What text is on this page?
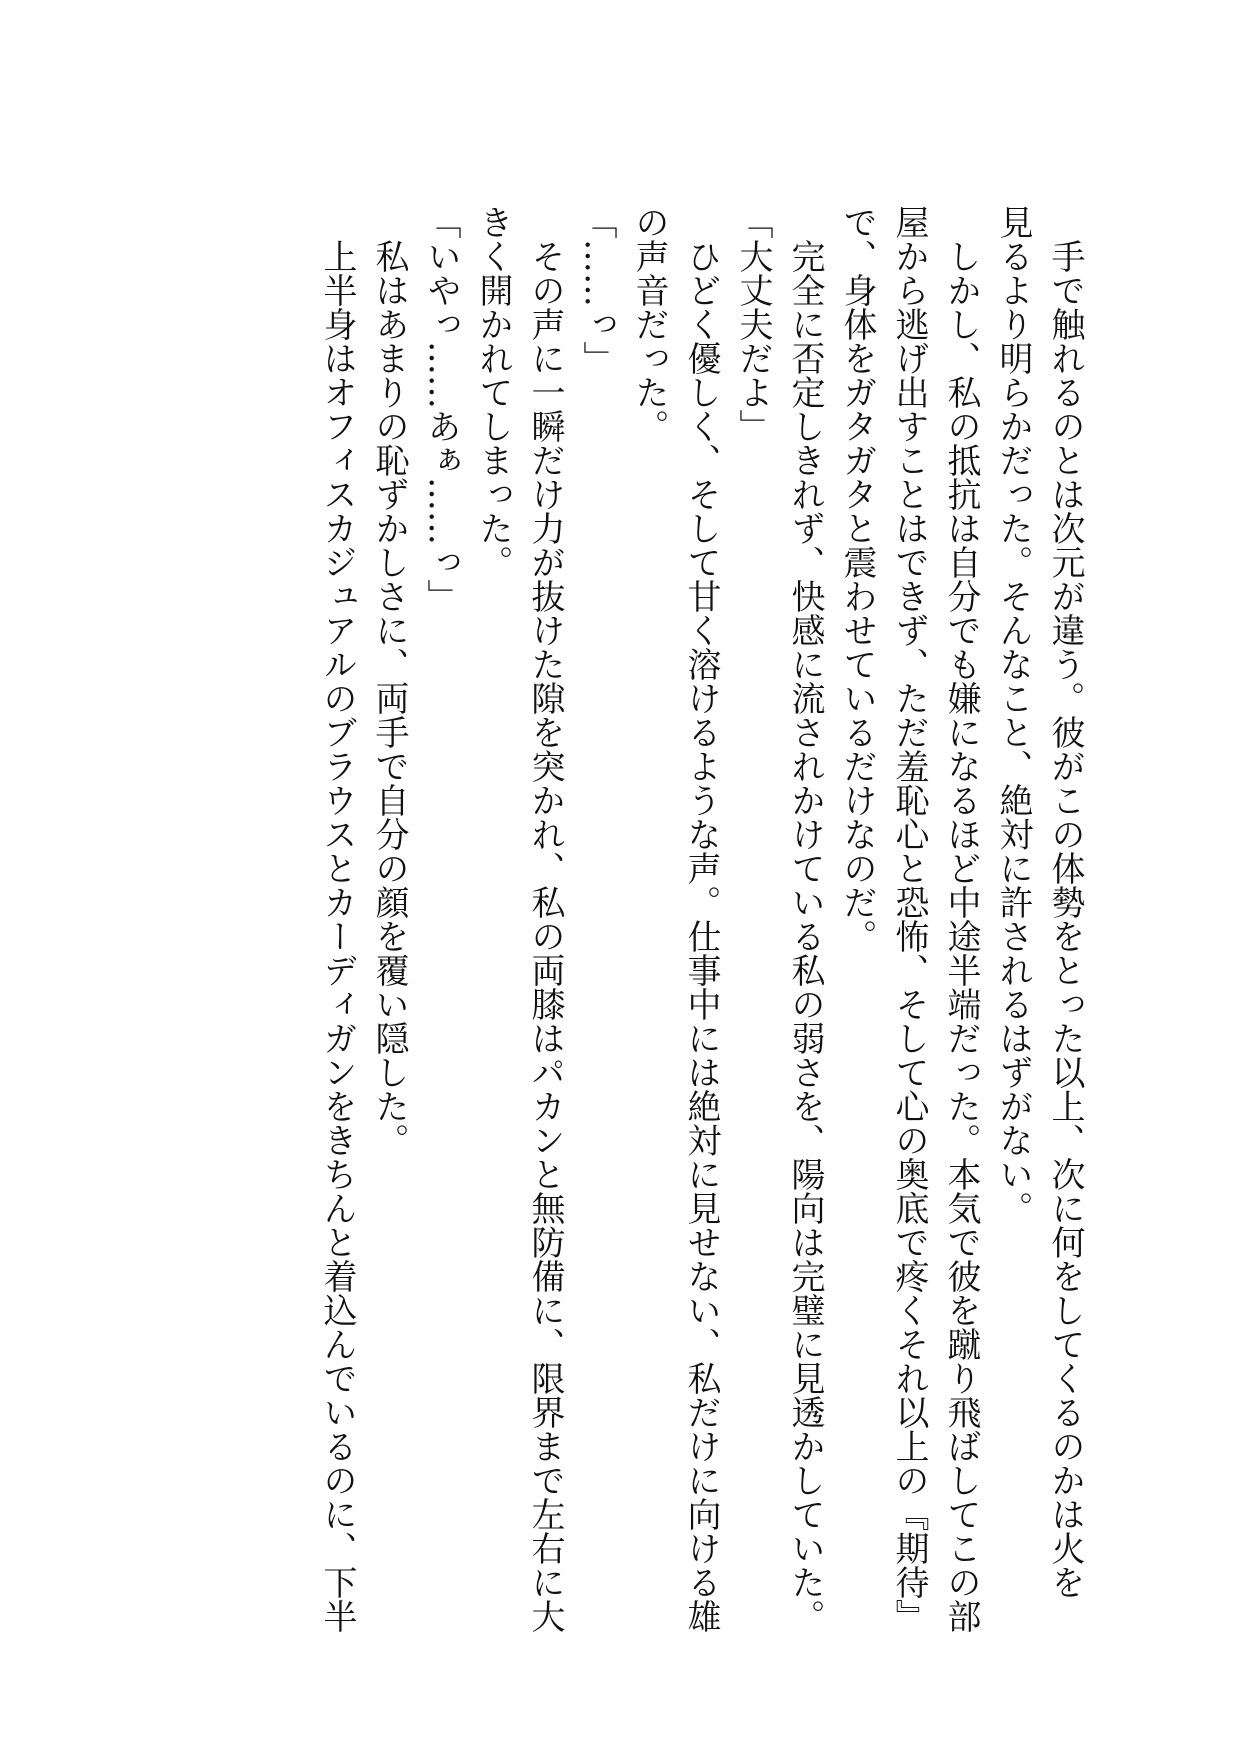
　手で触れるのとは次元が違う。彼がこの体勢をとった以上、次に何をしてくるのかは火を
見るより明らかだった。そんなこと、絶対に許されるはずがない。
　しかし、私の抵抗は自分でも嫌になるほど中途半端だった。本気で彼を蹴り飛ばしてこの部
屋から逃げ出すことはできず、ただ羞恥心と恐怖、そして心の奥底で疼くそれ以上の『期待』
で、身体をガタガタと震わせているだけなのだ。
　完全に否定しきれず、快感に流されかけている私の弱さを、陽向は完璧に見透かしていた。
「大丈夫だよ」
　ひどく優しく、そして甘く溶けるような声。仕事中には絶対に見せない、私だけに向ける雄
の声音だった。
「……っ」
　その声に一瞬だけ力が抜けた隙を突かれ、私の両膝はパカンと無防備に、限界まで左右に大
きく開かれてしまった。
「いやっ……あぁ……っ」
　私はあまりの恥ずかしさに、両手で自分の顔を覆い隠した。
　上半身はオフィスカジュアルのブラウスとカーディガンをきちんと着込んでいるのに、下半
